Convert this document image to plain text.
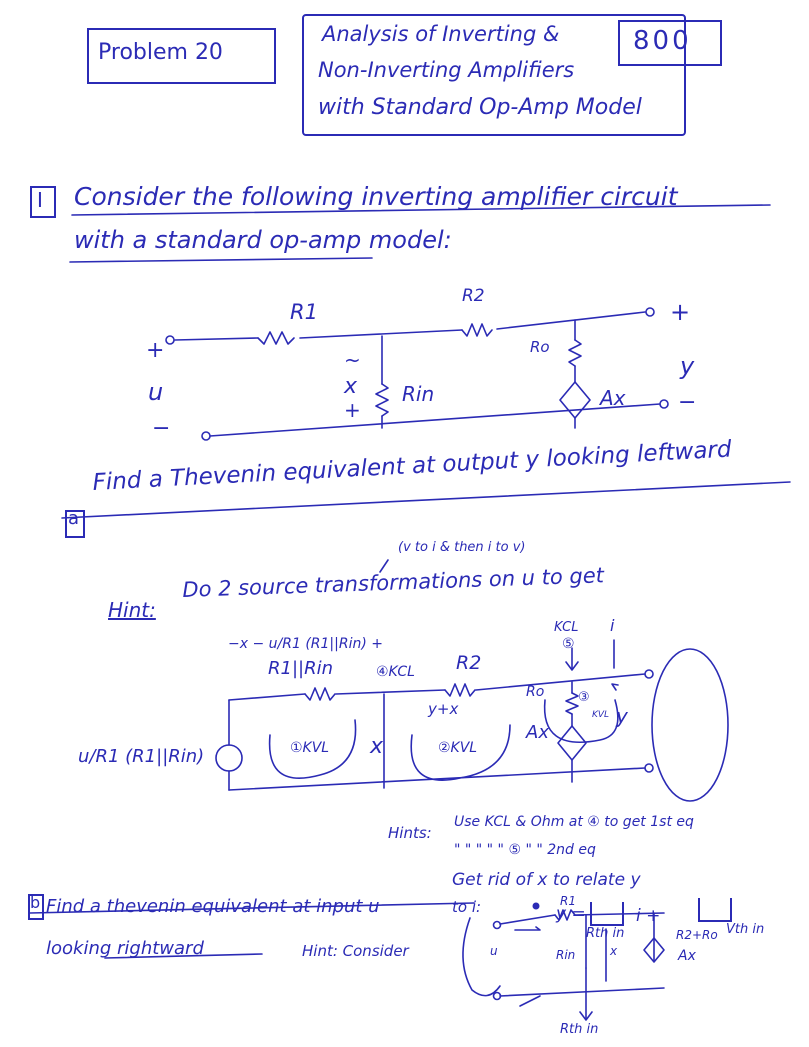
Problem 20
Analysis of Inverting &
Non-Inverting Amplifiers
with Standard Op-Amp Model
800
I Consider the following inverting amplifier circuit
with a standard op-amp model:
R1
R2
+
Ro
+
u
−
~
x
+
Rin	Ax
y
−
a
Find a Thevenin equivalent at output y looking leftward
(v to i & then i to v)
Hint:
Do 2 source transformations on u to get
−x − u/R1 (R1||Rin) +
R1||Rin	④KCL R2
KCL i
⑤
y+x
Ro	③
Ax
KVL
①KVL x	②KVL
y
u/R1 (R1||Rin)
Hints:
Use KCL & Ohm at ④ to get 1st eq
" " " " " ⑤ " " 2nd eq
Get rid of x to relate y
to i:	y =	i +
Rth in	Vth in
b Find a thevenin equivalent at input u
looking rightward	Hint: Consider
R1
u	Rin	x
R2+Ro
Ax
Rth in
